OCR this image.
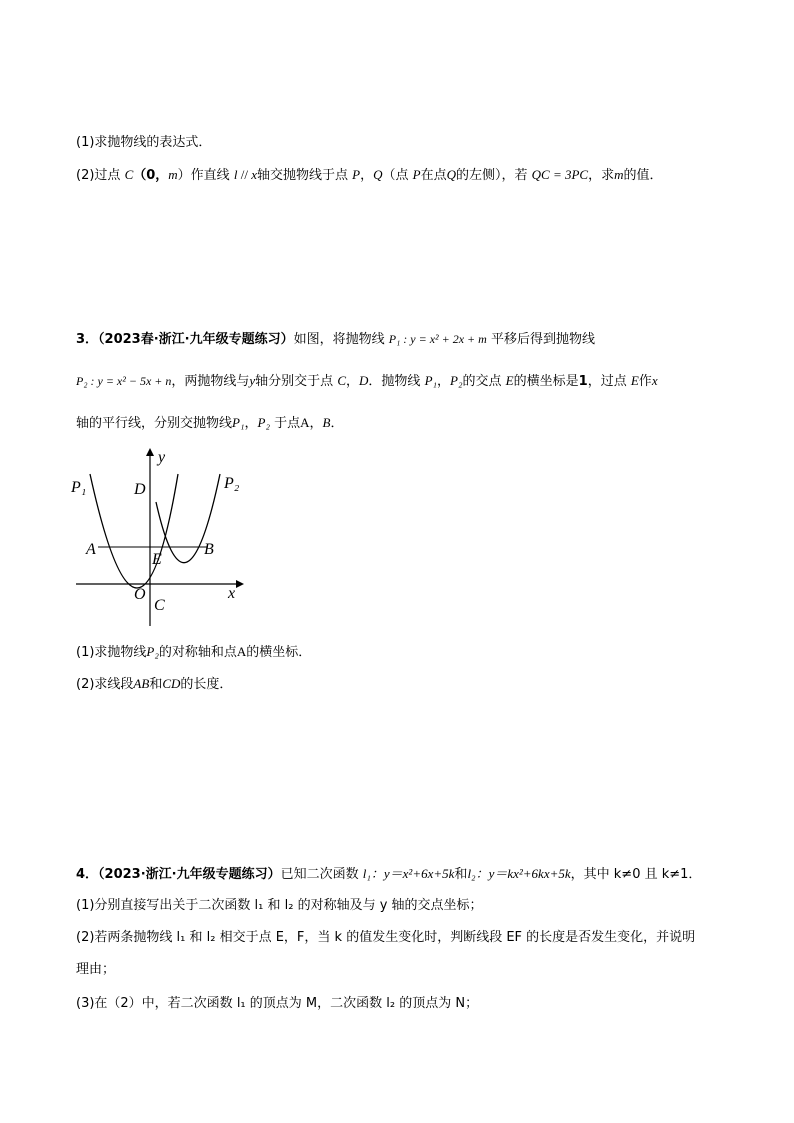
(1)求抛物线的表达式．
(2)过点 C（0，m）作直线 l // x轴交抛物线于点 P，Q（点 P在点Q的左侧），若 QC = 3PC，求m的值．
3．（2023春·浙江·九年级专题练习）如图，将抛物线 P₁ : y = x² + 2x + m 平移后得到抛物线
P₂ : y = x² − 5x + n，两抛物线与y轴分别交于点 C，D．抛物线 P₁，P₂的交点 E的横坐标是1，过点 E作x
轴的平行线，分别交抛物线P₁，P₂ 于点A，B．
P₁	P₂
y
x
D
A	B
E
O
C
(1)求抛物线P₂的对称轴和点A的横坐标．
(2)求线段AB和CD的长度．
4．（2023·浙江·九年级专题练习）已知二次函数 l₁：y＝x²+6x+5k和l₂：y＝kx²+6kx+5k，其中 k≠0 且 k≠1．
(1)分别直接写出关于二次函数 l₁ 和 l₂ 的对称轴及与 y 轴的交点坐标；
(2)若两条抛物线 l₁ 和 l₂ 相交于点 E，F，当 k 的值发生变化时，判断线段 EF 的长度是否发生变化，并说明
理由；
(3)在（2）中，若二次函数 l₁ 的顶点为 M，二次函数 l₂ 的顶点为 N；
